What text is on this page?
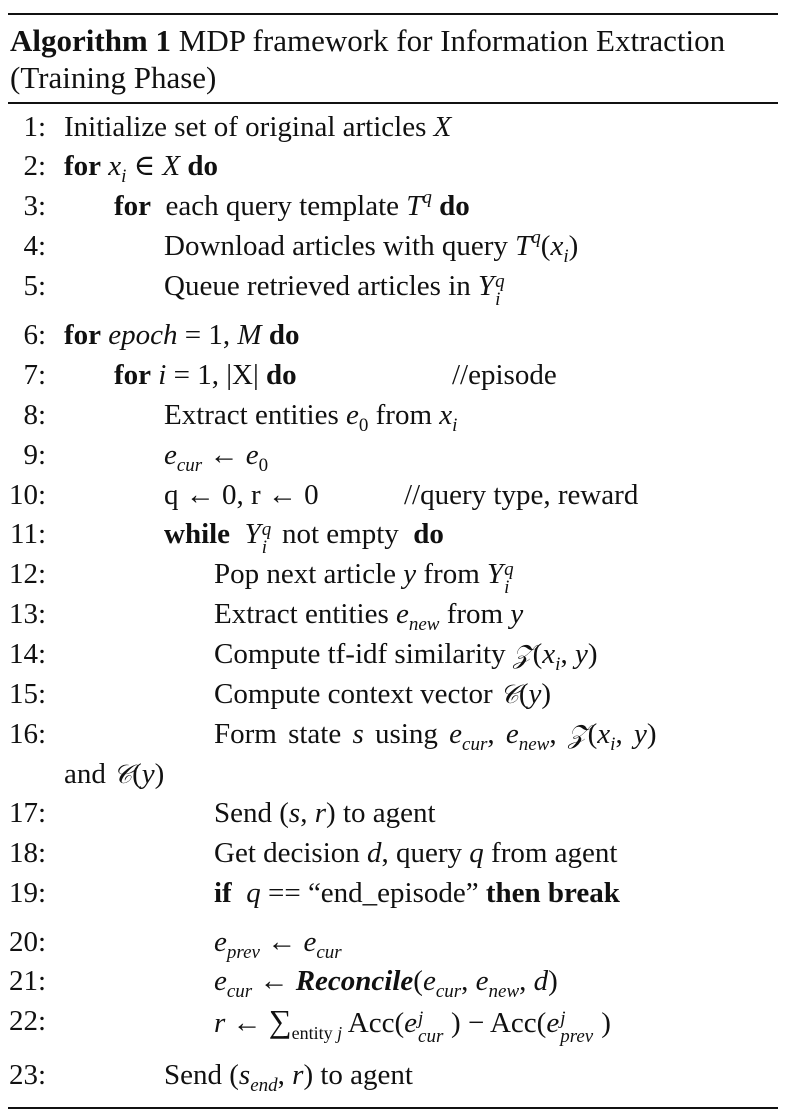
Algorithm 1 MDP framework for Information Extraction (Training Phase)
1: Initialize set of original articles X
2: for $x_i$ ∈ X do
3: for each query template $T^q$ do
4:	Download articles with query $T^q(x_i)$
5:	Queue retrieved articles in Y q
i
6: for epoch = 1, M do
7: for i = 1, |X| do	//episode
8:	Extract entities $e_0$ from $x_i$
9:	$e_{cur}$ ← $e_0$
10:	q ← 0, r ← 0	//query type, reward
11:	while Y q
i not empty do
12:	Pop next article y from Y q
i
13:	Extract entities $e_{new}$ from y
14:	Compute tf-idf similarity $𝒵(x_i$, y)
15:	Compute context vector 𝒞(y)
16:	Form state s using $e_{cur}$, $e_{new}$, $𝒵(x_i$, y)
and 𝒞(y)
17:	Send (s, r) to agent
18:	Get decision d, query q from agent
19:	if q == “end_episode” then break
20:	$e_{prev}$ ← $e_{cur}$
21:	$e_{cur}$ ← $Reconcile(e_{cur}$, $e_{new}$, d)
22:	r ← $\sum_{entity j}$ Acc(e j
cur ) − Acc(e j
prev )
23:	Send ($s_{end}$, r) to agent
